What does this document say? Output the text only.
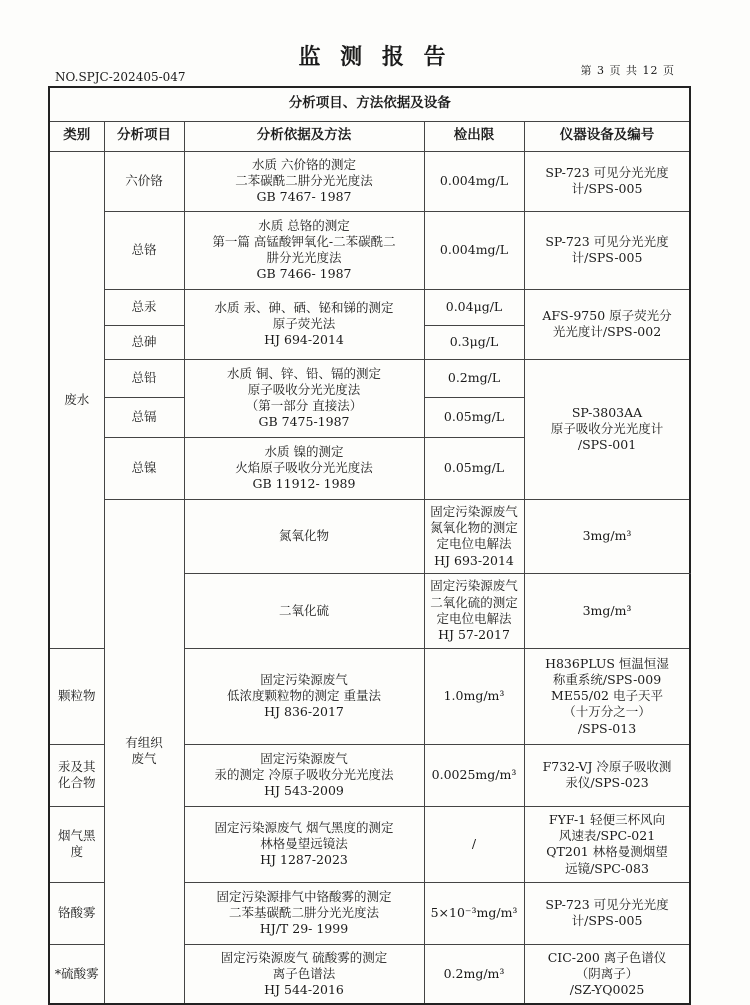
监 测 报 告
NO.SPJC-202405-047	第 3 页 共 12 页
分析项目、方法依据及设备					
类别	分析项目	分析依据及方法	检出限	仪器设备及编号	
废水	六价铬	水质 六价铬的测定
二苯碳酰二肼分光光度法
GB 7467- 1987	0.004mg/L	SP-723 可见分光光度
计/SPS-005	

	总铬	水质 总铬的测定
第一篇 高锰酸钾氧化-二苯碳酰二
肼分光光度法
GB 7466- 1987	0.004mg/L	SP-723 可见分光光度
计/SPS-005	

	总汞	水质 汞、砷、硒、铋和锑的测定
原子荧光法
HJ 694-2014	0.04μg/L	AFS-9750 原子荧光分
光光度计/SPS-002	

	总砷		0.3μg/L		
	总铅	水质 铜、锌、铅、镉的测定
原子吸收分光光度法
（第一部分 直接法）
GB 7475-1987	0.2mg/L	SP-3803AA
原子吸收分光光度计
/SPS-001	

	总镉		0.05mg/L		
	总镍	水质 镍的测定
火焰原子吸收分光光度法
GB 11912- 1989	0.05mg/L		

	有组织废气	氮氧化物	固定污染源废气 氮氧化物的测定
定电位电解法
HJ 693-2014	3mg/m³	

		二氧化硫	固定污染源废气
二氧化硫的测定 定电位电解法
HJ 57-2017	3mg/m³	
颗粒物		固定污染源废气
低浓度颗粒物的测定 重量法
HJ 836-2017	1.0mg/m³	H836PLUS 恒温恒湿
称重系统/SPS-009
ME55/02 电子天平
（十万分之一）
/SPS-013	

汞及其
化合物		固定污染源废气
汞的测定 冷原子吸收分光光度法
HJ 543-2009	0.0025mg/m³	F732-VJ 冷原子吸收测
汞仪/SPS-023	

烟气黑度		固定污染源废气 烟气黑度的测定
林格曼望远镜法
HJ 1287-2023	/	FYF-1 轻便三杯风向
风速表/SPC-021
QT201 林格曼测烟望
远镜/SPC-083	

铬酸雾		固定污染源排气中铬酸雾的测定
二苯基碳酰二肼分光光度法
HJ/T 29- 1999	5×10⁻³mg/m³	SP-723 可见分光光度
计/SPS-005	

*硫酸雾		固定污染源废气 硫酸雾的测定
离子色谱法
HJ 544-2016	0.2mg/m³	CIC-200 离子色谱仪
（阴离子）
/SZ-YQ0025	
